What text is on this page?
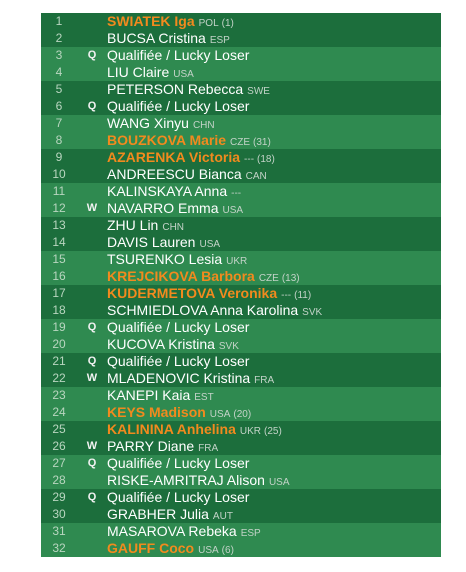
1	SWIATEK Iga POL (1)
2	BUCSA Cristina ESP
3	Q Qualifiée / Lucky Loser
4	LIU Claire USA
5	PETERSON Rebecca SWE
6	Q Qualifiée / Lucky Loser
7	WANG Xinyu CHN
8	BOUZKOVA Marie CZE (31)
9	AZARENKA Victoria --- (18)
10	ANDREESCU Bianca CAN
11	KALINSKAYA Anna ---
12	W NAVARRO Emma USA
13	ZHU Lin CHN
14	DAVIS Lauren USA
15	TSURENKO Lesia UKR
16	KREJCIKOVA Barbora CZE (13)
17	KUDERMETOVA Veronika --- (11)
18	SCHMIEDLOVA Anna Karolina SVK
19	Q Qualifiée / Lucky Loser
20	KUCOVA Kristina SVK
21	Q Qualifiée / Lucky Loser
22	W MLADENOVIC Kristina FRA
23	KANEPI Kaia EST
24	KEYS Madison USA (20)
25	KALININA Anhelina UKR (25)
26	W PARRY Diane FRA
27	Q Qualifiée / Lucky Loser
28	RISKE-AMRITRAJ Alison USA
29	Q Qualifiée / Lucky Loser
30	GRABHER Julia AUT
31	MASAROVA Rebeka ESP
32	GAUFF Coco USA (6)
